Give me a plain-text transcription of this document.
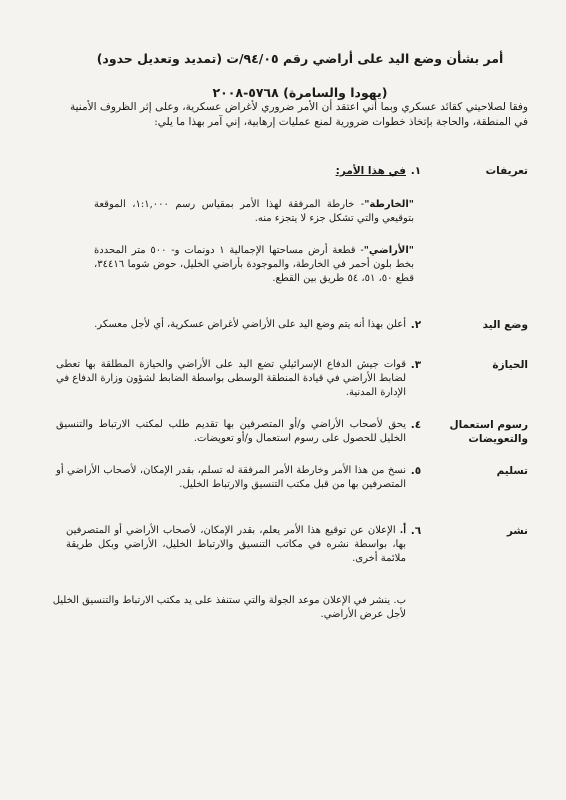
أمر بشأن وضع اليد على أراضي رقم ٩٤/٠٥/ت (تمديد وتعديل حدود)
(يهودا والسامرة) ٥٧٦٨-٢٠٠٨
وفقا لصلاحيتي كقائد عسكري وبما أني اعتقد أن الأمر ضروري لأغراض عسكرية، وعلى إثر الظروف الأمنية في المنطقة، والحاجة بإتخاذ خطوات ضرورية لمنع عمليات إرهابية، إني آمر بهذا ما يلي:
تعريفات
١.
في هذا الأمر:
"الخارطة"- خارطة المرفقة لهذا الأمر بمقياس رسم ١:١,٠٠٠، الموقعة بتوقيعي والتي تشكل جزء لا يتجزء منه.
"الأراضي"- قطعة أرض مساحتها الإجمالية ١ دونمات و- ٥٠٠ متر المحددة بخط بلون أحمر في الخارطة، والموجودة بأراضي الخليل، حوض شوما ٣٤٤١٦، قطع ٥٠، ٥١، ٥٤ طريق بين القطع.
وضع اليد
٢.
أعلن بهذا أنه يتم وضع اليد على الأراضي لأغراض عسكرية، أي لأجل معسكر.
الحيازة
٣.
قوات جيش الدفاع الإسرائيلي تضع اليد على الأراضي والحيازة المطلقة بها تعطى لضابط الأراضي في قيادة المنطقة الوسطى بواسطة الضابط لشؤون وزارة الدفاع في الإدارة المدنية.
رسوم استعمال والتعويضات
٤.
يحق لأصحاب الأراضي و/أو المتصرفين بها تقديم طلب لمكتب الارتباط والتنسيق الخليل للحصول على رسوم استعمال و/أو تعويضات.
تسليم
٥.
نسخ من هذا الأمر وخارطة الأمر المرفقة له تسلم، بقدر الإمكان، لأصحاب الأراضي أو المتصرفين بها من قبل مكتب التنسيق والارتباط الخليل.
نشر
٦.
أ. الإعلان عن توقيع هذا الأمر يعلم، بقدر الإمكان، لأصحاب الأراضي أو المتصرفين بها، بواسطة نشره في مكاتب التنسيق والارتباط الخليل، الأراضي وبكل طريقة ملائمة أخرى.
ب. ينشر في الإعلان موعد الجولة والتي ستنفذ على يد مكتب الارتباط والتنسيق الخليل لأجل عرض الأراضي.
